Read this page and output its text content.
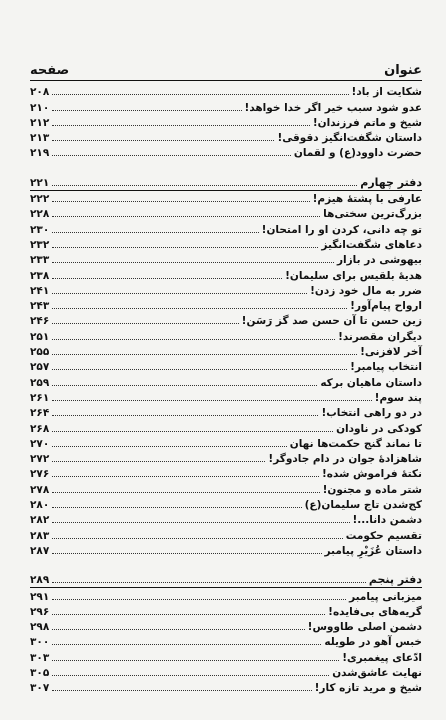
عنوان
صفحه
شکایت از باد!
۲۰۸
عدو شود سبب خیر اگر خدا خواهد!
۲۱۰
شیخ و ماتم فرزندان!
۲۱۲
داستان شگفت‌انگیز دقوقی!
۲۱۳
حضرت داوود(ع) و لقمان
۲۱۹
دفتر چهارم
۲۲۱
عارفی با پشتهٔ هیزم!
۲۲۲
بزرگ‌ترین سختی‌ها
۲۲۸
تو چه دانی، کردن او را امتحان!
۲۳۰
دعاهای شگفت‌انگیز
۲۳۲
بیهوشی در بازار
۲۳۳
هدیهٔ بلقیس برای سلیمان!
۲۳۸
ضرر به مال خود زدن!
۲۴۱
ارواح پیام‌آور!
۲۴۳
زین حسن تا آن حسن صد گز رَسَن!
۲۴۶
دیگران مقصرند!
۲۵۱
آخر لافزنی!
۲۵۵
انتخاب پیامبر!
۲۵۷
داستان ماهیان برکه
۲۵۹
پند سوم!
۲۶۱
در دو راهی انتخاب!
۲۶۴
کودکی در ناودان
۲۶۸
تا نماند گنج حکمت‌ها نهان
۲۷۰
شاهزادهٔ جوان در دام جادوگر!
۲۷۲
نکتهٔ فراموش شده!
۲۷۶
شتر ماده و مجنون!
۲۷۸
کج‌شدن تاج سلیمان(ع)
۲۸۰
دشمن دانا...!
۲۸۲
تقسیم حکومت
۲۸۳
داستان عُزَیْرِ پیامبر
۲۸۷
دفتر پنجم
۲۸۹
میزبانی پیامبر
۲۹۱
گریه‌های بی‌فایده!
۲۹۶
دشمن اصلی طاووس!
۲۹۸
خبس آهو در طویله
۳۰۰
ادّعای پیغمبری!
۳۰۳
نهایت عاشق‌شدن
۳۰۵
شیخ و مرید تازه کار!
۳۰۷
